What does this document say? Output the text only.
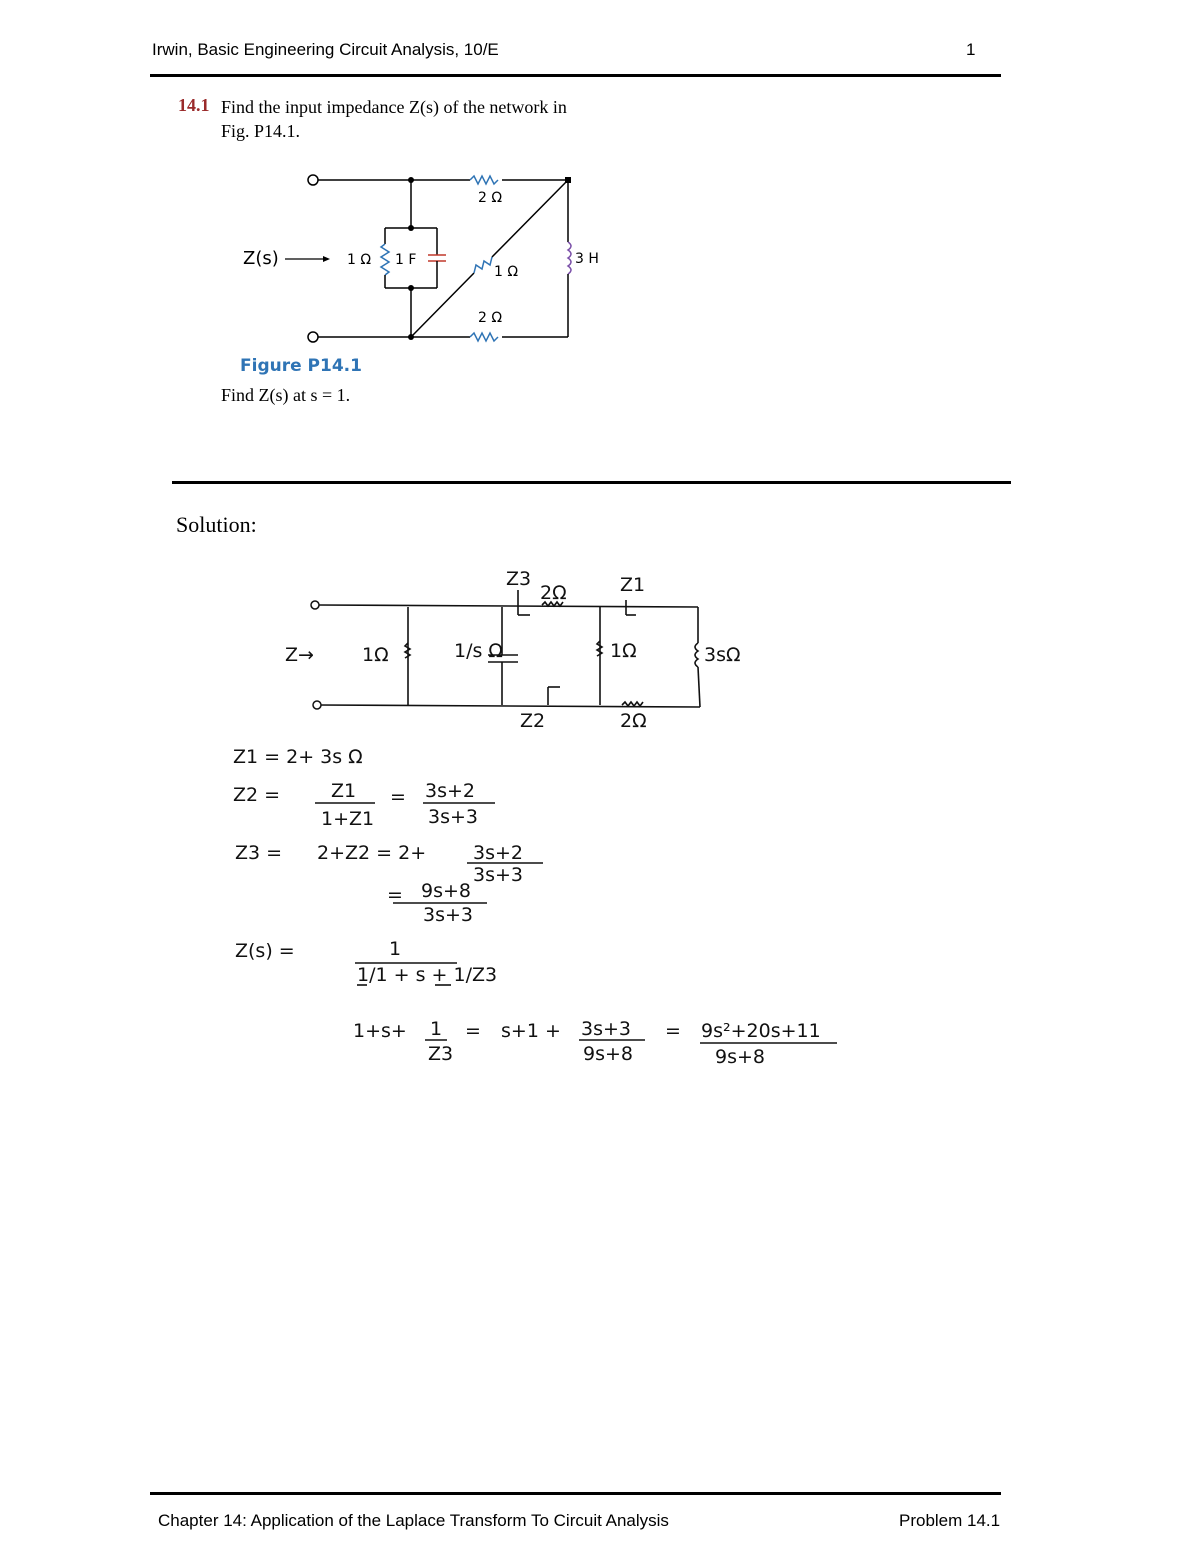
Irwin, Basic Engineering Circuit Analysis, 10/E	1
14.1 Find the input impedance Z(s) of the network in
Fig. P14.1.
Z(s)	1 Ω 1 F
2 Ω
1 Ω
3 H
2 Ω
Figure P14.1
Find Z(s) at s = 1.
Solution:
Z→	1Ω	1/s Ω
Z3
2Ω	Z1
1Ω	3sΩ
Z2	2Ω
Z1 = 2+ 3s Ω
Z2 =	Z1
1+Z1
= 3s+2
3s+3
Z3 = 2+Z2 = 2+ 3s+2
3s+3
= 9s+8
3s+3
Z(s) =	1
1/1 + s + 1/Z3
1+s+ 1
Z3
= s+1 + 3s+3
9s+8
= 9s²+20s+11
9s+8
Chapter 14: Application of the Laplace Transform To Circuit Analysis	Problem 14.1
